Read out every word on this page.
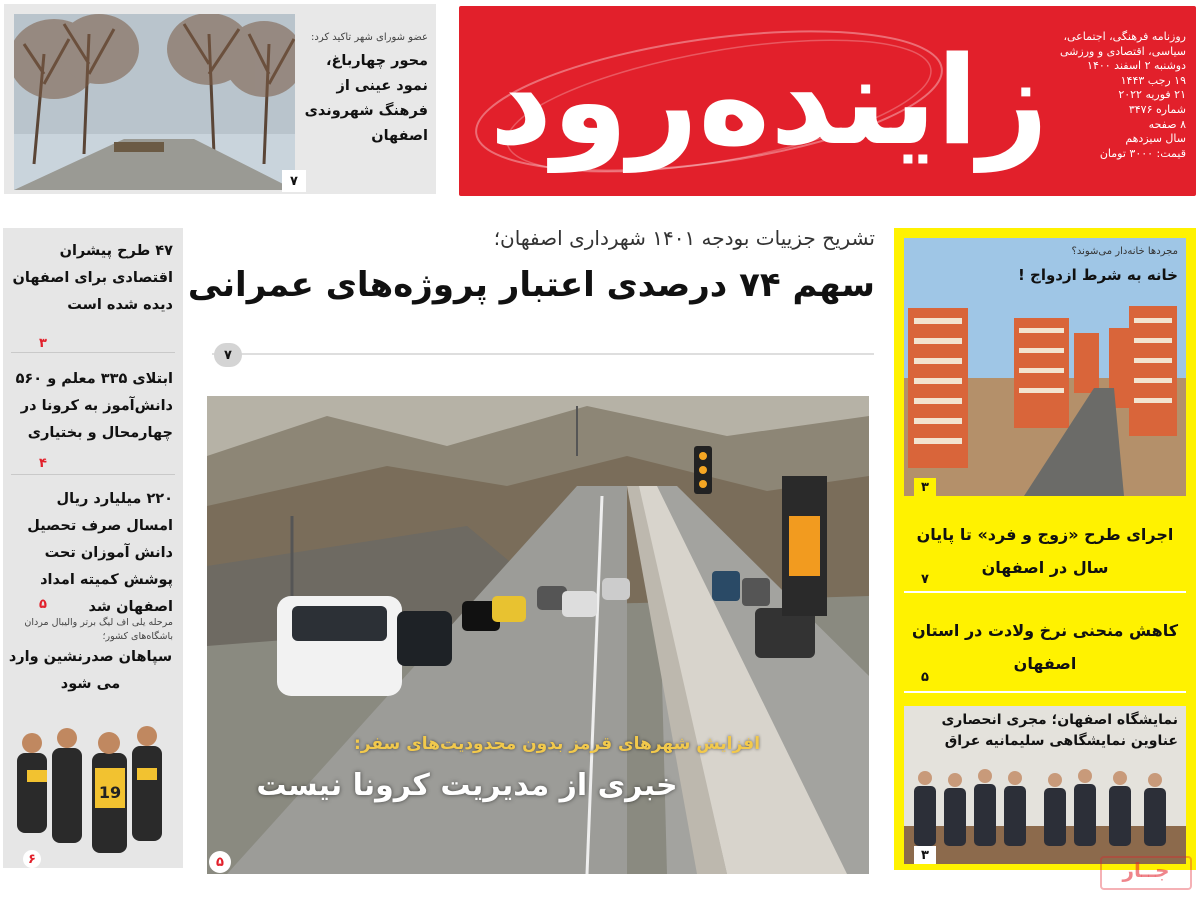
زاینده‌رود روزنامه فرهنگی، اجتماعی،
سیاسی، اقتصادی و ورزشی
دوشنبه ۲ اسفند ۱۴۰۰
۱۹ رجب ۱۴۴۳
۲۱ فوریه ۲۰۲۲
شماره ۳۴۷۶
۸ صفحه
سال سیزدهم
قیمت: ۳۰۰۰ تومان
عضو شورای شهر تاکید کرد:
محور چهارباغ، نمود عینی از فرهنگ شهروندی اصفهان
۷
۴۷ طرح پیشران اقتصادی برای اصفهان دیده شده است
۳
ابتلای ۳۳۵ معلم و ۵۶۰ دانش‌آموز به کرونا در چهارمحال و بختیاری
۴
۲۲۰ میلیارد ریال امسال صرف تحصیل دانش آموزان تحت پوشش کمیته امداد اصفهان شد
۵
مرحله یلی اف لیگ برتر والیبال مردان باشگاه‌های کشور؛
سپاهان صدرنشین وارد می شود
19
۶
تشریح جزییات بودجه ۱۴۰۱ شهرداری اصفهان؛
سهم ۷۴ درصدی اعتبار پروژه‌های عمرانی
۷
افزایش شهرهای قرمز بدون محدودیت‌های سفر:
خبری از مدیریت کرونا نیست
۵
مجردها خانه‌دار می‌شوند؟
خانه به شرط ازدواج !
۳
اجرای طرح «زوج و فرد» تا پایان سال در اصفهان
۷
کاهش منحنی نرخ ولادت در استان اصفهان
۵
نمایشگاه اصفهان؛ مجری انحصاری عناوین نمایشگاهی سلیمانیه عراق
۳
جــار
